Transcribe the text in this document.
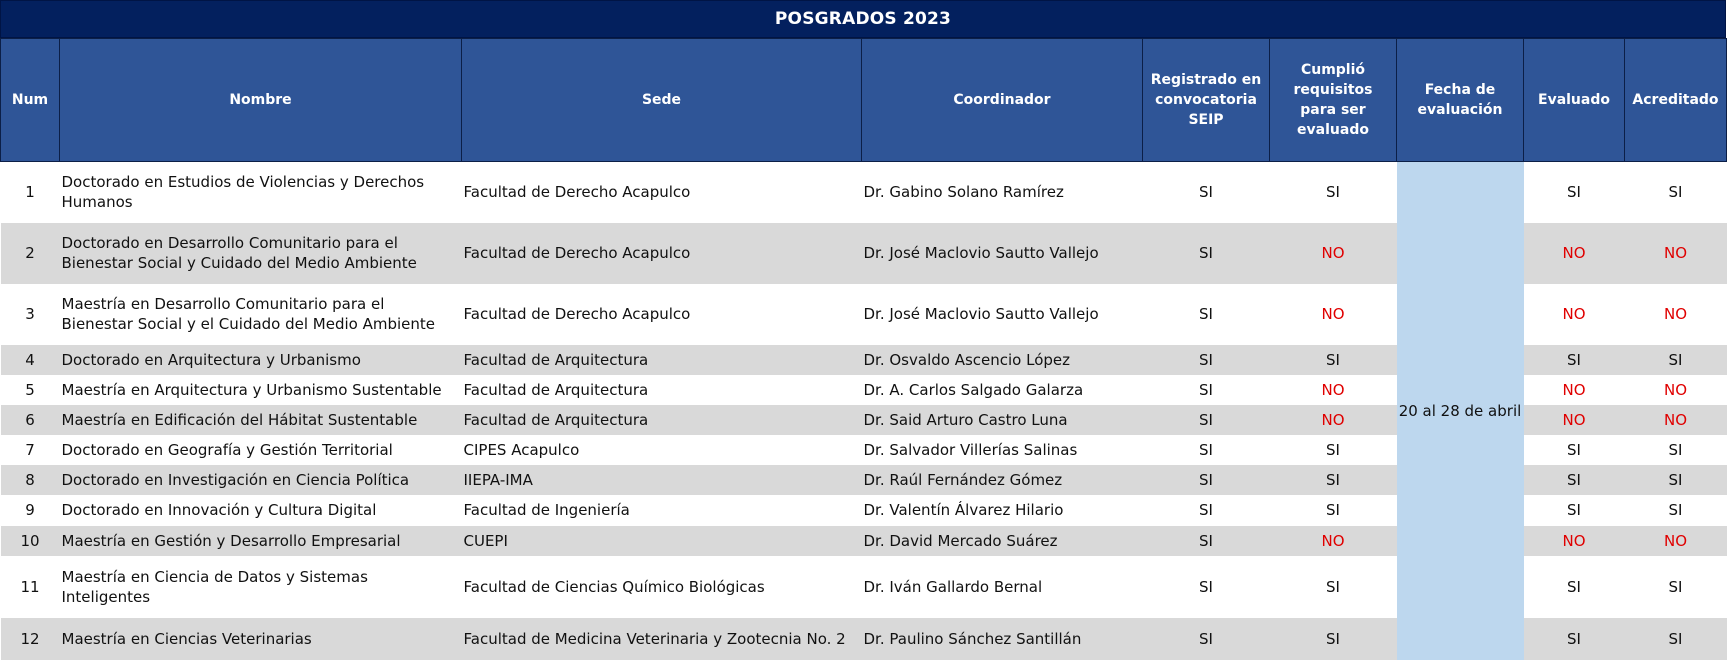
POSGRADOS 2023
Num	Nombre	Sede	Coordinador	Registrado en convocatoria SEIP	Cumplió requisitos para ser evaluado	Fecha de evaluación	Evaluado	Acreditado
1	Doctorado en Estudios de Violencias y Derechos Humanos	Facultad de Derecho Acapulco	Dr. Gabino Solano Ramírez	SI	SI	20 al 28 de abril	SI	SI
2	Doctorado en Desarrollo Comunitario para el Bienestar Social y Cuidado del Medio Ambiente	Facultad de Derecho Acapulco	Dr. José Maclovio Sautto Vallejo	SI	NO		NO	NO
3	Maestría en Desarrollo Comunitario para el Bienestar Social y el Cuidado del Medio Ambiente	Facultad de Derecho Acapulco	Dr. José Maclovio Sautto Vallejo	SI	NO		NO	NO
4	Doctorado en Arquitectura y Urbanismo	Facultad de Arquitectura	Dr. Osvaldo Ascencio López	SI	SI		SI	SI
5	Maestría en Arquitectura y Urbanismo Sustentable	Facultad de Arquitectura	Dr. A. Carlos Salgado Galarza	SI	NO		NO	NO
6	Maestría en Edificación del Hábitat Sustentable	Facultad de Arquitectura	Dr. Said Arturo Castro Luna	SI	NO		NO	NO
7	Doctorado en Geografía y Gestión Territorial	CIPES Acapulco	Dr. Salvador Villerías Salinas	SI	SI		SI	SI
8	Doctorado en Investigación en Ciencia Política	IIEPA-IMA	Dr. Raúl Fernández Gómez	SI	SI		SI	SI
9	Doctorado en Innovación y Cultura Digital	Facultad de Ingeniería	Dr. Valentín Álvarez Hilario	SI	SI		SI	SI
10	Maestría en Gestión y Desarrollo Empresarial	CUEPI	Dr. David Mercado Suárez	SI	NO		NO	NO
11	Maestría en Ciencia de Datos y Sistemas Inteligentes	Facultad de Ciencias Químico Biológicas	Dr. Iván Gallardo Bernal	SI	SI		SI	SI
12	Maestría en Ciencias Veterinarias	Facultad de Medicina Veterinaria y Zootecnia No. 2	Dr. Paulino Sánchez Santillán	SI	SI		SI	SI
